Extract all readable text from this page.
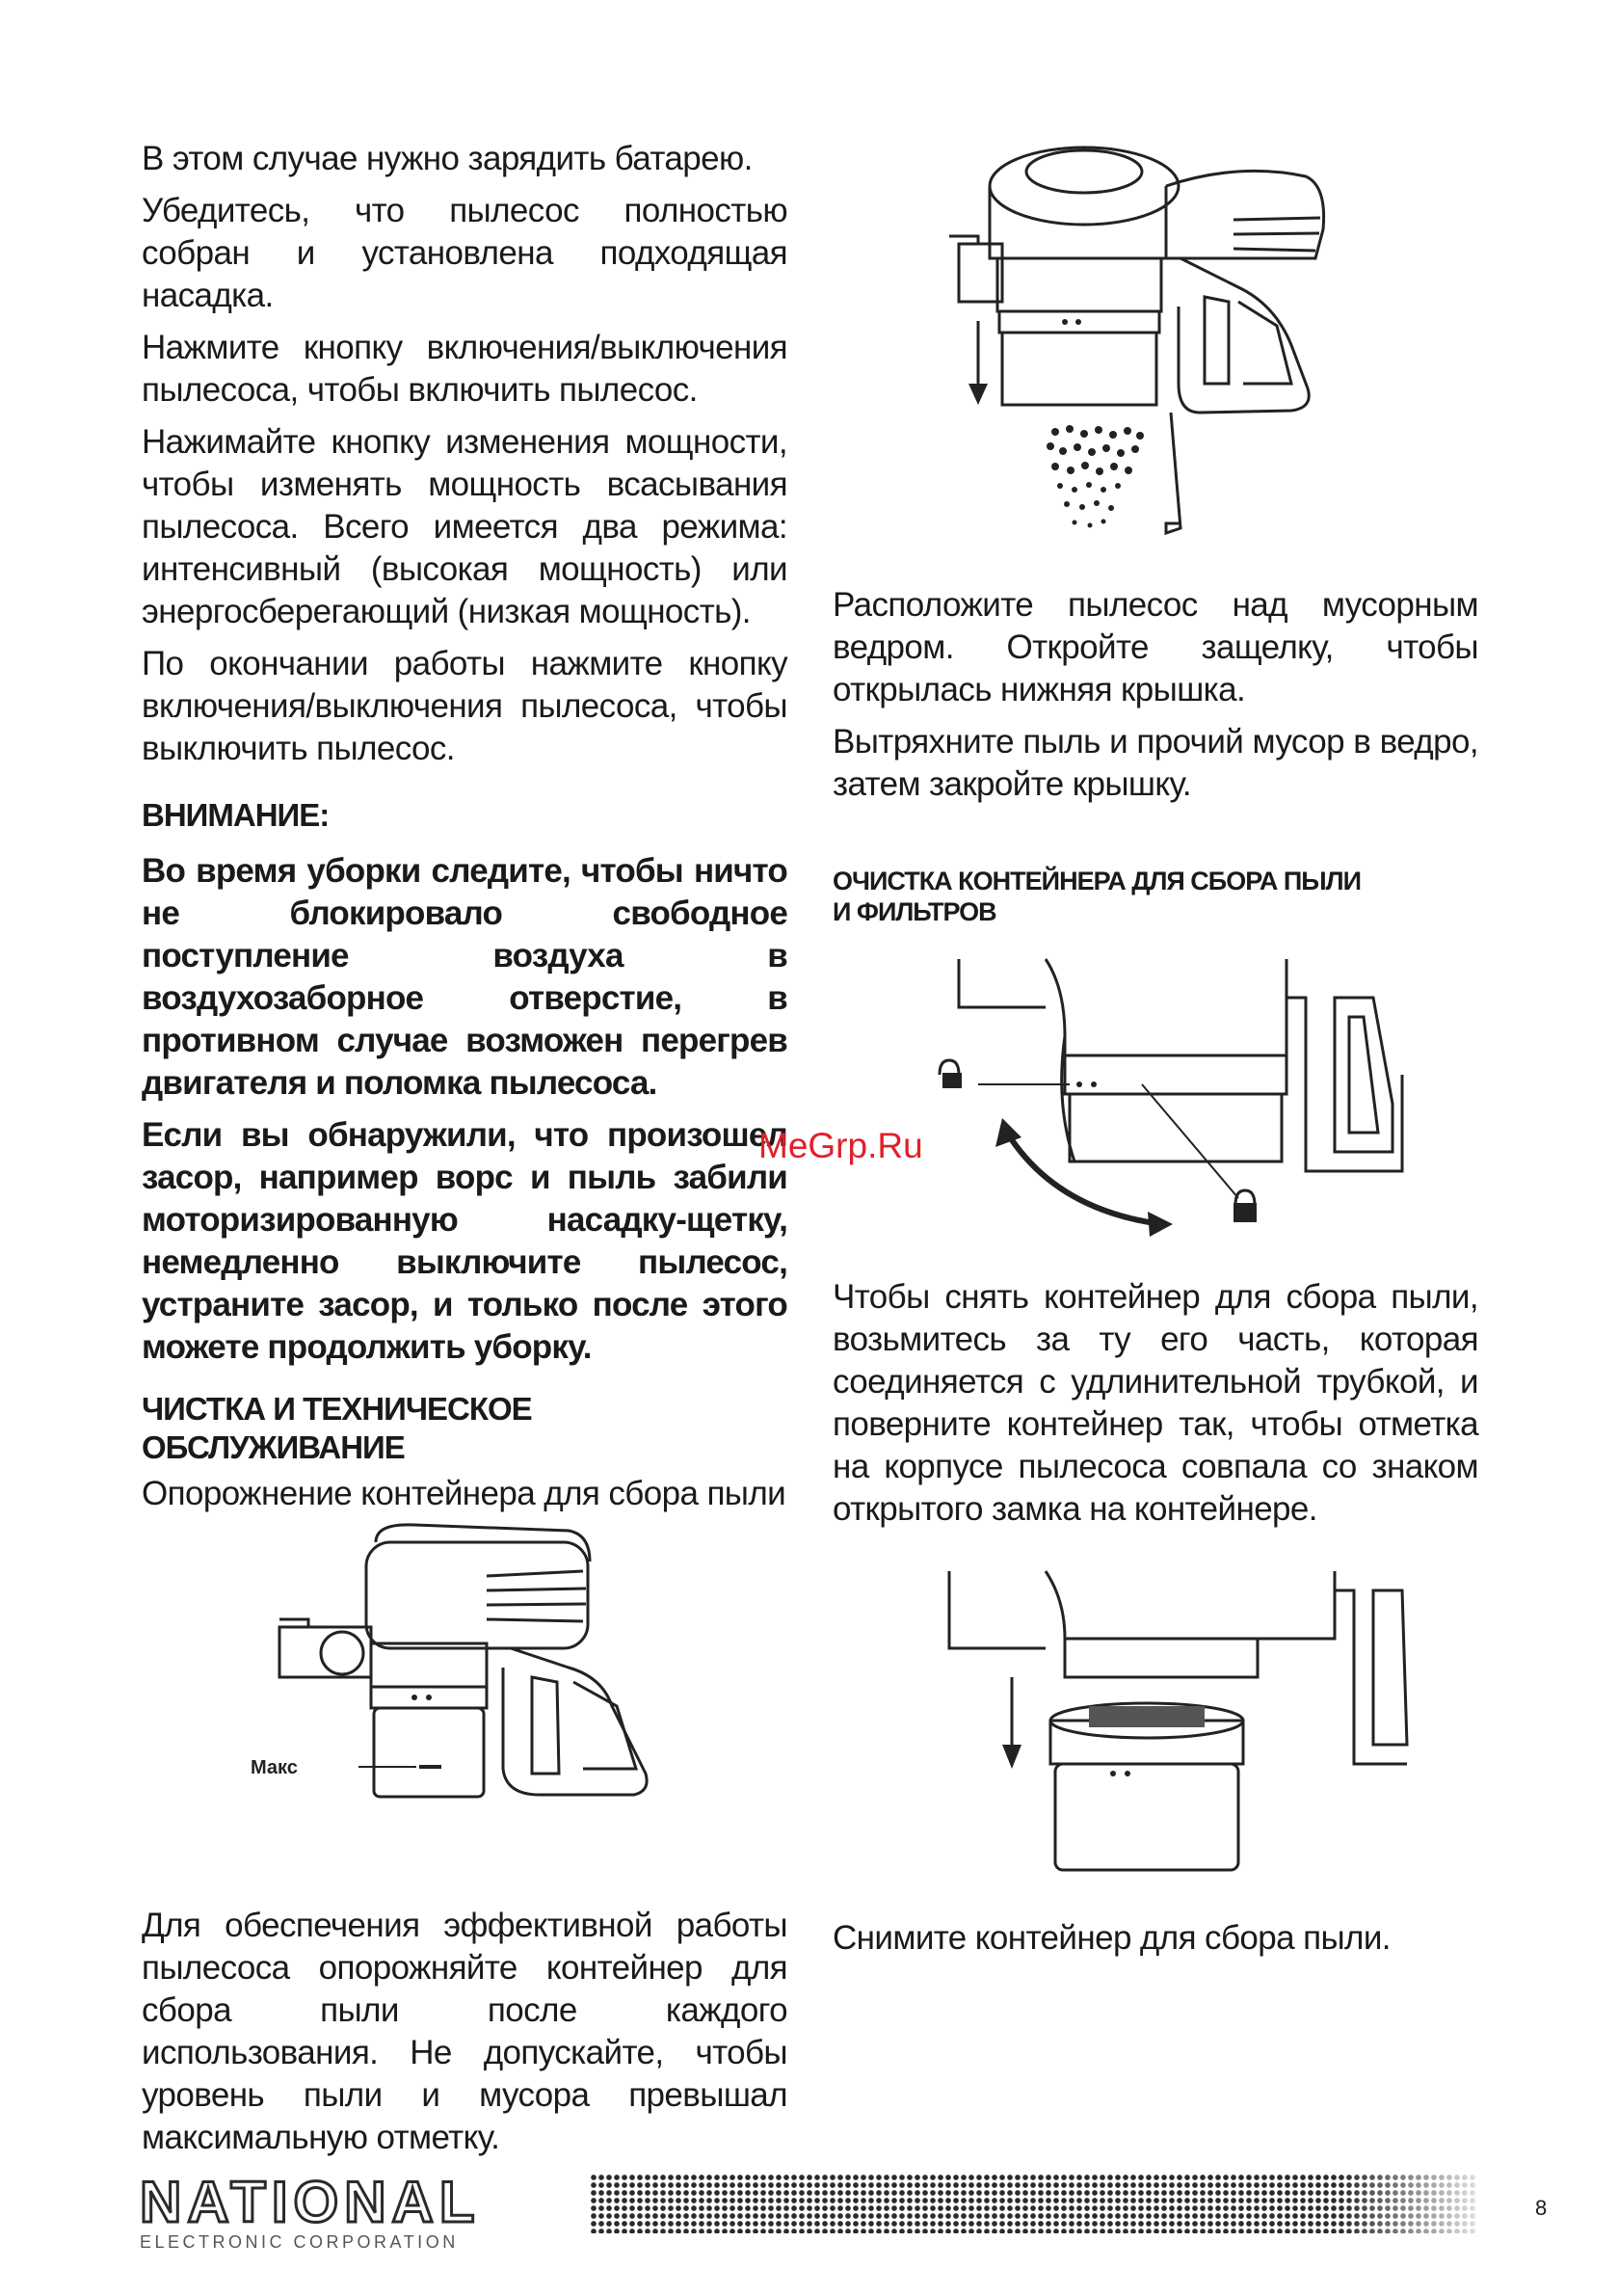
В этом случае нужно зарядить батарею.

Убедитесь, что пылесос полностью собран и установлена подходящая насадка.

Нажмите кнопку включения/выключения пылесоса, чтобы включить пылесос.

Нажимайте кнопку изменения мощности, чтобы изменять мощность всасывания пылесоса. Всего имеется два режима: интенсивный (высокая мощность) или энергосберегающий (низкая мощность).

По окончании работы нажмите кнопку включения/выключения пылесоса, чтобы выключить пылесос.

ВНИМАНИЕ:

Во время уборки следите, чтобы ничто не блокировало свободное поступление воздуха в воздухозаборное отверстие, в противном случае возможен перегрев двигателя и поломка пылесоса.

Если вы обнаружили, что произошел засор, например ворс и пыль забили моторизированную насадку-щетку, немедленно выключите пылесос, устраните засор, и только после этого можете продолжить уборку.

ЧИСТКА И ТЕХНИЧЕСКОЕ ОБСЛУЖИВАНИЕ

Опорожнение контейнера для сбора пыли

Макс

Для обеспечения эффективной работы пылесоса опорожняйте контейнер для сбора пыли после каждого использования. Не допускайте, чтобы уровень пыли и мусора превышал максимальную отметку.

Расположите пылесос над мусорным ведром. Откройте защелку, чтобы открылась нижняя крышка.

Вытряхните пыль и прочий мусор в ведро, затем закройте крышку.

ОЧИСТКА КОНТЕЙНЕРА ДЛЯ СБОРА ПЫЛИ

И ФИЛЬТРОВ

Чтобы снять контейнер для сбора пыли, возьмитесь за ту его часть, которая соединяется с удлинительной трубкой, и поверните контейнер так, чтобы отметка на корпусе пылесоса совпала со знаком открытого замка на контейнере.

Снимите контейнер для сбора пыли.

MeGrp.Ru
NATIONAL
ELECTRONIC CORPORATION
8
